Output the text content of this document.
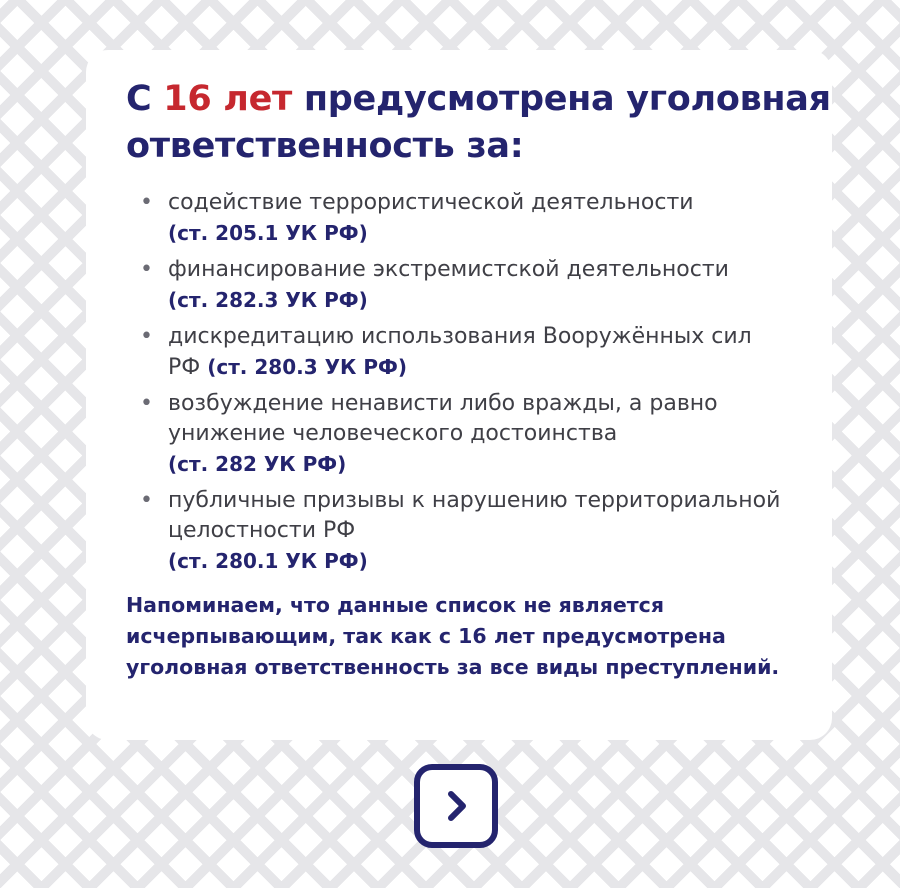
С 16 лет предусмотрена уголовная
ответственность за:
• содействие террористической деятельности
(ст. 205.1 УК РФ)
• финансирование экстремистской деятельности
(ст. 282.3 УК РФ)
• дискредитацию использования Вооружённых сил РФ (ст. 280.3 УК РФ)
• возбуждение ненависти либо вражды, а равно унижение человеческого достоинства
(ст. 282 УК РФ)
• публичные призывы к нарушению территориальной целостности РФ
(ст. 280.1 УК РФ)

Напоминаем, что данные список не является исчерпывающим, так как с 16 лет предусмотрена уголовная ответственность за все виды преступлений.
